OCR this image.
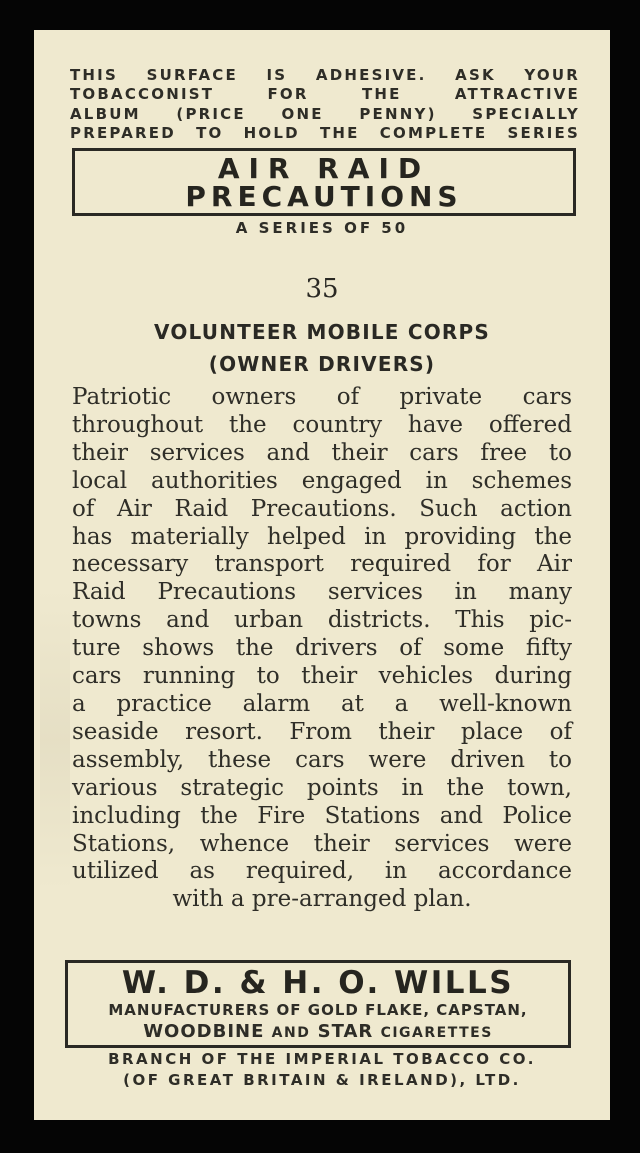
THIS SURFACE IS ADHESIVE. ASK YOUR
TOBACCONIST FOR THE ATTRACTIVE
ALBUM (PRICE ONE PENNY) SPECIALLY
PREPARED TO HOLD THE COMPLETE SERIES
AIR RAID
PRECAUTIONS
A SERIES OF 50
35
VOLUNTEER MOBILE CORPS
(OWNER DRIVERS)
Patriotic owners of private cars
throughout the country have offered
their services and their cars free to
local authorities engaged in schemes
of Air Raid Precautions. Such action
has materially helped in providing the
necessary transport required for Air
Raid Precautions services in many
towns and urban districts. This pic-
ture shows the drivers of some fifty
cars running to their vehicles during
a practice alarm at a well-known
seaside resort. From their place of
assembly, these cars were driven to
various strategic points in the town,
including the Fire Stations and Police
Stations, whence their services were
utilized as required, in accordance
with a pre-arranged plan.
W. D. & H. O. WILLS
MANUFACTURERS OF GOLD FLAKE, CAPSTAN,
WOODBINE AND STAR CIGARETTES
BRANCH OF THE IMPERIAL TOBACCO CO.
(OF GREAT BRITAIN & IRELAND), LTD.
